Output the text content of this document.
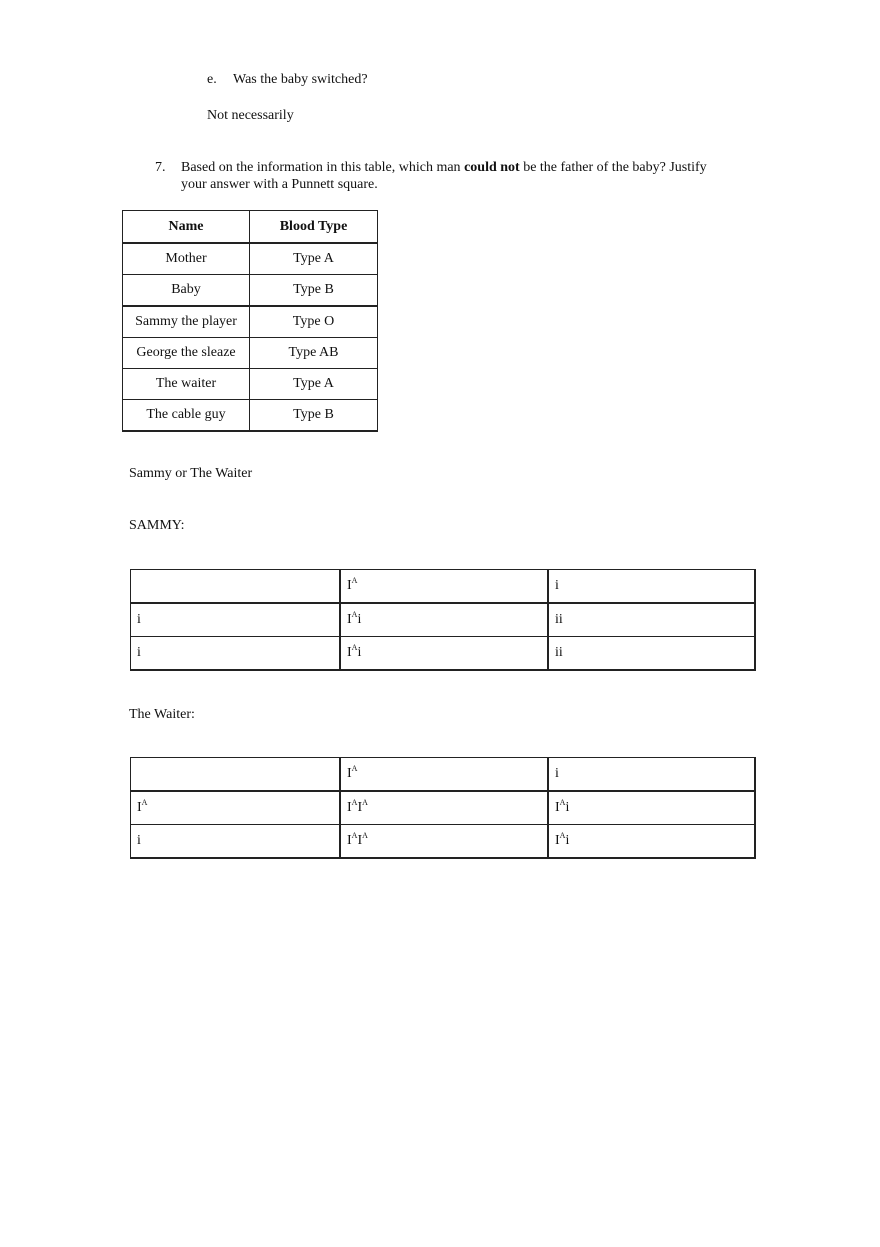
e. Was the baby switched?
Not necessarily
7. Based on the information in this table, which man could not be the father of the baby? Justify
your answer with a Punnett square.
Name	Blood Type
Mother	Type A
Baby	Type B
Sammy the player	Type O
George the sleaze	Type AB
The waiter	Type A
The cable guy	Type B
Sammy or The Waiter
SAMMY:
	$I^A$	i
i	$I^Ai$	ii
i	$I^Ai$	ii
The Waiter:
	$I^A$	i
$I^A$	$I^AI^A$	$I^Ai$
i	$I^AI^A$	$I^Ai$
